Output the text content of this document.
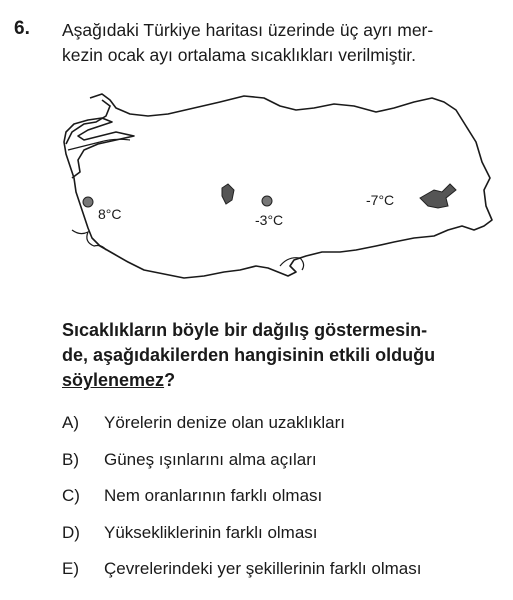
6. Aşağıdaki Türkiye haritası üzerinde üç ayrı mer-
kezin ocak ayı ortalama sıcaklıkları verilmiştir.
8°C	-3°C
-7°C
Sıcaklıkların böyle bir dağılış göstermesin-
de, aşağıdakilerden hangisinin etkili olduğu
söylenemez?
A)	Yörelerin denize olan uzaklıkları
B)	Güneş ışınlarını alma açıları
C)	Nem oranlarının farklı olması
D)	Yüksekliklerinin farklı olması
E)	Çevrelerindeki yer şekillerinin farklı olması
